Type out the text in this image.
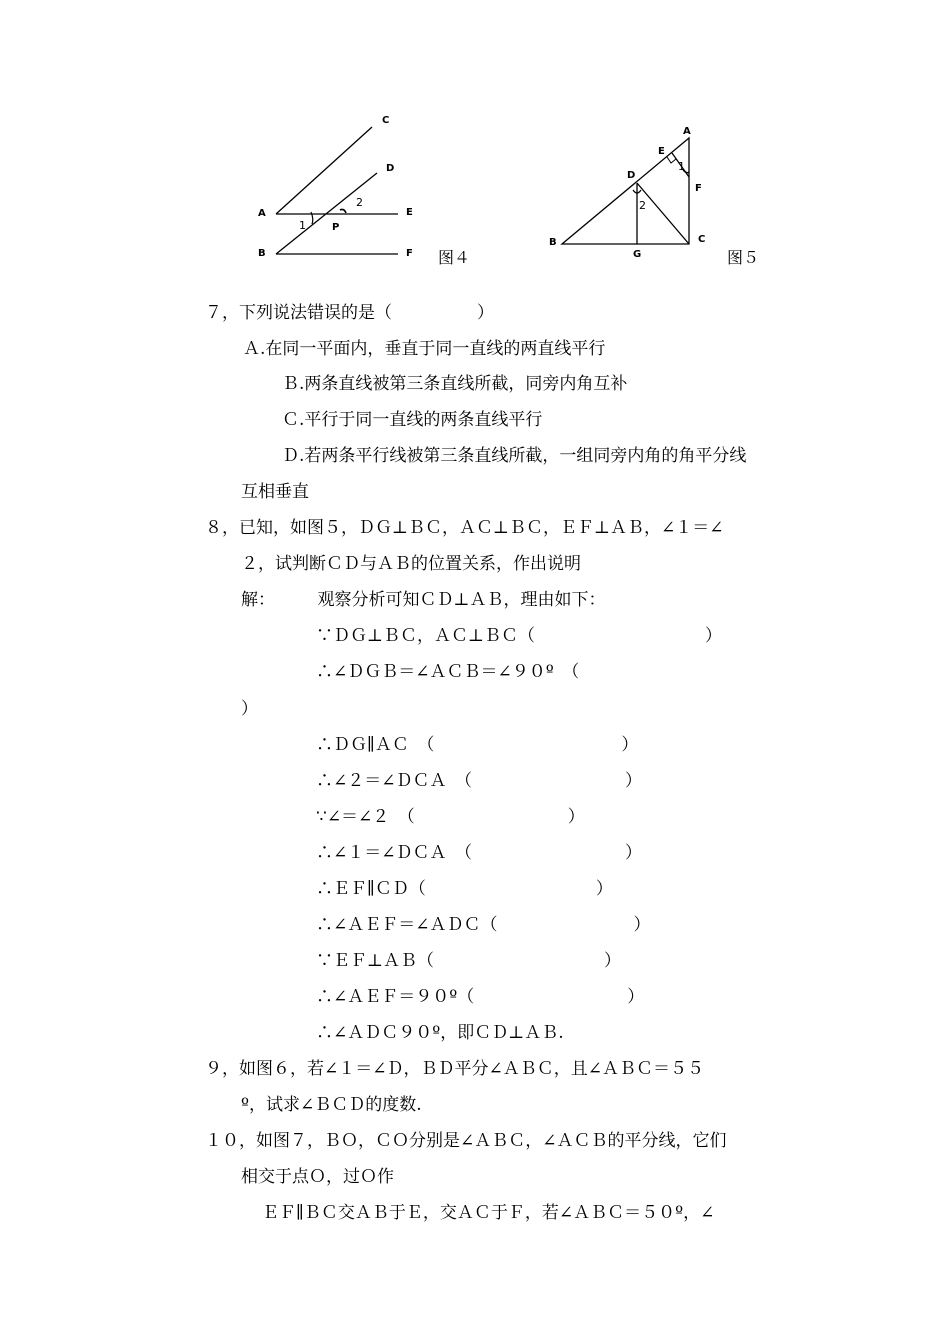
C
D
A	E
B	F
P
1
2
图４
A
E
D
F
B	C
G
1
2
图５
７，下列说法错误的是（　　　　　）
Ａ.在同一平面内，垂直于同一直线的两直线平行
Ｂ.两条直线被第三条直线所截，同旁内角互补
Ｃ.平行于同一直线的两条直线平行
Ｄ.若两条平行线被第三条直线所截，一组同旁内角的角平分线
互相垂直
８，已知，如图５，ＤＧ⊥ＢＣ，ＡＣ⊥ＢＣ，ＥＦ⊥ＡＢ，∠１＝∠
２，试判断ＣＤ与ＡＢ的位置关系，作出说明
解：　　　观察分析可知ＣＤ⊥ＡＢ，理由如下：
∵ＤＧ⊥ＢＣ，ＡＣ⊥ＢＣ（　　　　　　　　　　）
∴∠ＤＧＢ＝∠ＡＣＢ＝∠９０º　（
）
∴ＤＧ∥ＡＣ　（　　　　　　　　　　　）
∴∠２＝∠ＤＣＡ　（　　　　　　　　　）
∵∠＝∠２　（　　　　　　　　　）
∴∠１＝∠ＤＣＡ　（　　　　　　　　　）
∴ＥＦ∥ＣＤ（　　　　　　　　　　）
∴∠ＡＥＦ＝∠ＡＤＣ（　　　　　　　　）
∵ＥＦ⊥ＡＢ（　　　　　　　　　　）
∴∠ＡＥＦ＝９０º（　　　　　　　　　）
∴∠ＡＤＣ９０º，即ＣＤ⊥ＡＢ.
９，如图６，若∠１＝∠Ｄ，ＢＤ平分∠ＡＢＣ，且∠ＡＢＣ＝５５
º，试求∠ＢＣＤ的度数.
１０，如图７，ＢＯ，ＣＯ分别是∠ＡＢＣ，∠ＡＣＢ的平分线，它们
相交于点Ｏ，过Ｏ作
ＥＦ∥ＢＣ交ＡＢ于Ｅ，交ＡＣ于Ｆ，若∠ＡＢＣ＝５０º，∠
